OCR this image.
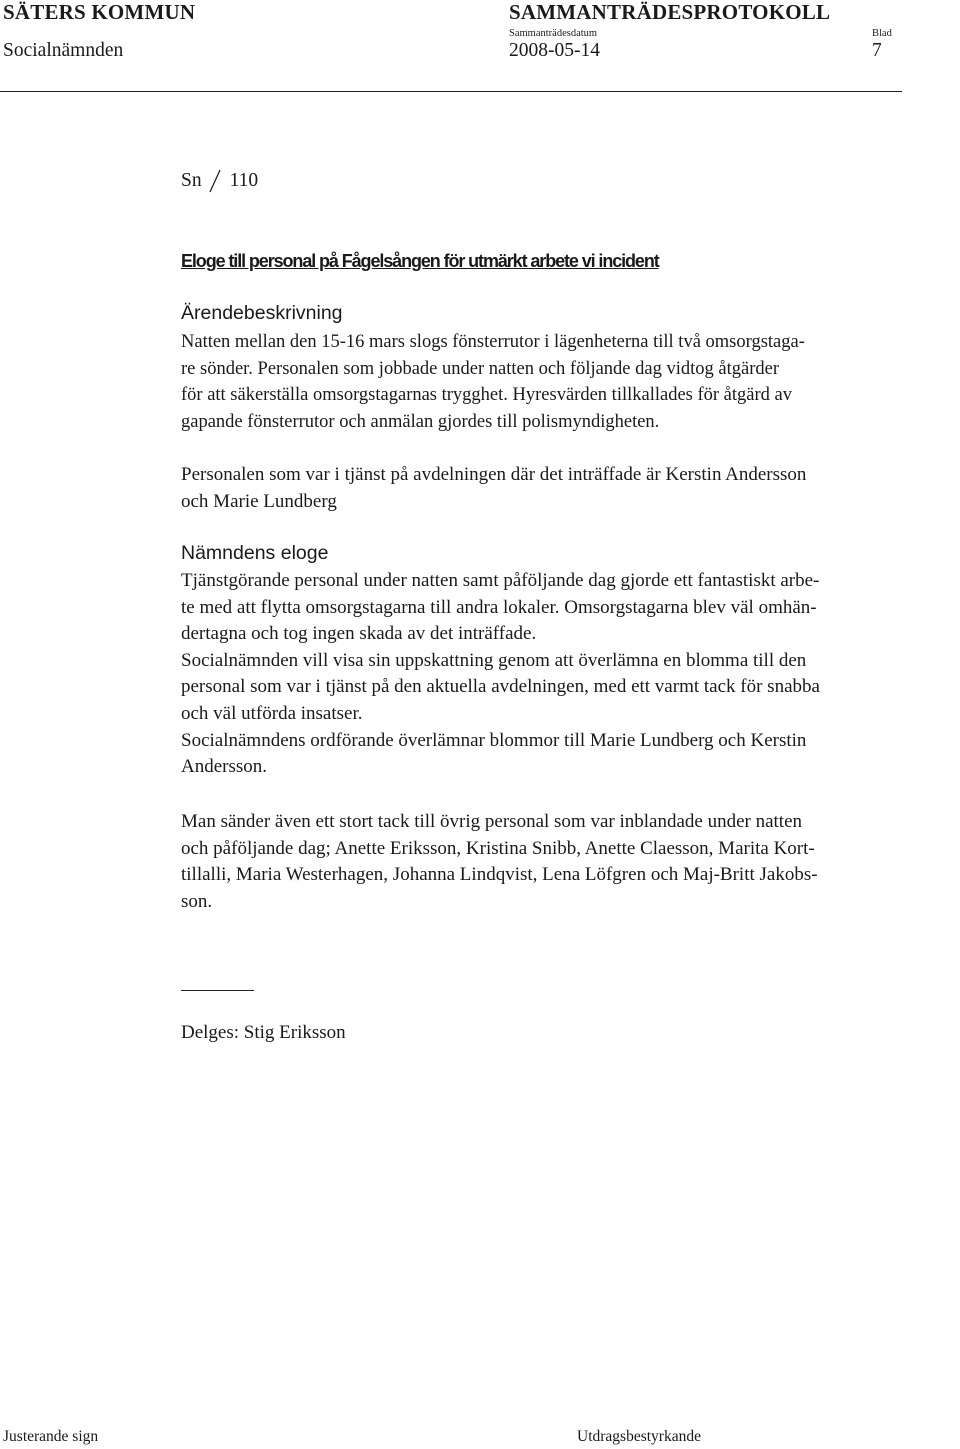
SÄTERS KOMMUN
Socialnämnden
SAMMANTRÄDESPROTOKOLL
Sammanträdesdatum
2008-05-14
Blad
7
Sn 110
Eloge till personal på Fågelsången för utmärkt arbete vi incident
Ärendebeskrivning
Natten mellan den 15-16 mars slogs fönsterrutor i lägenheterna till två omsorgstaga-
re sönder. Personalen som jobbade under natten och följande dag vidtog åtgärder
för att säkerställa omsorgstagarnas trygghet. Hyresvärden tillkallades för åtgärd av
gapande fönsterrutor och anmälan gjordes till polismyndigheten.
Personalen som var i tjänst på avdelningen där det inträffade är Kerstin Andersson
och Marie Lundberg
Nämndens eloge
Tjänstgörande personal under natten samt påföljande dag gjorde ett fantastiskt arbe-
te med att flytta omsorgstagarna till andra lokaler. Omsorgstagarna blev väl omhän-
dertagna och tog ingen skada av det inträffade.
Socialnämnden vill visa sin uppskattning genom att överlämna en blomma till den
personal som var i tjänst på den aktuella avdelningen, med ett varmt tack för snabba
och väl utförda insatser.
Socialnämndens ordförande överlämnar blommor till Marie Lundberg och Kerstin
Andersson.
Man sänder även ett stort tack till övrig personal som var inblandade under natten
och påföljande dag; Anette Eriksson, Kristina Snibb, Anette Claesson, Marita Kort-
tillalli, Maria Westerhagen, Johanna Lindqvist, Lena Löfgren och Maj-Britt Jakobs-
son.
Delges: Stig Eriksson
Justerande sign	Utdragsbestyrkande
